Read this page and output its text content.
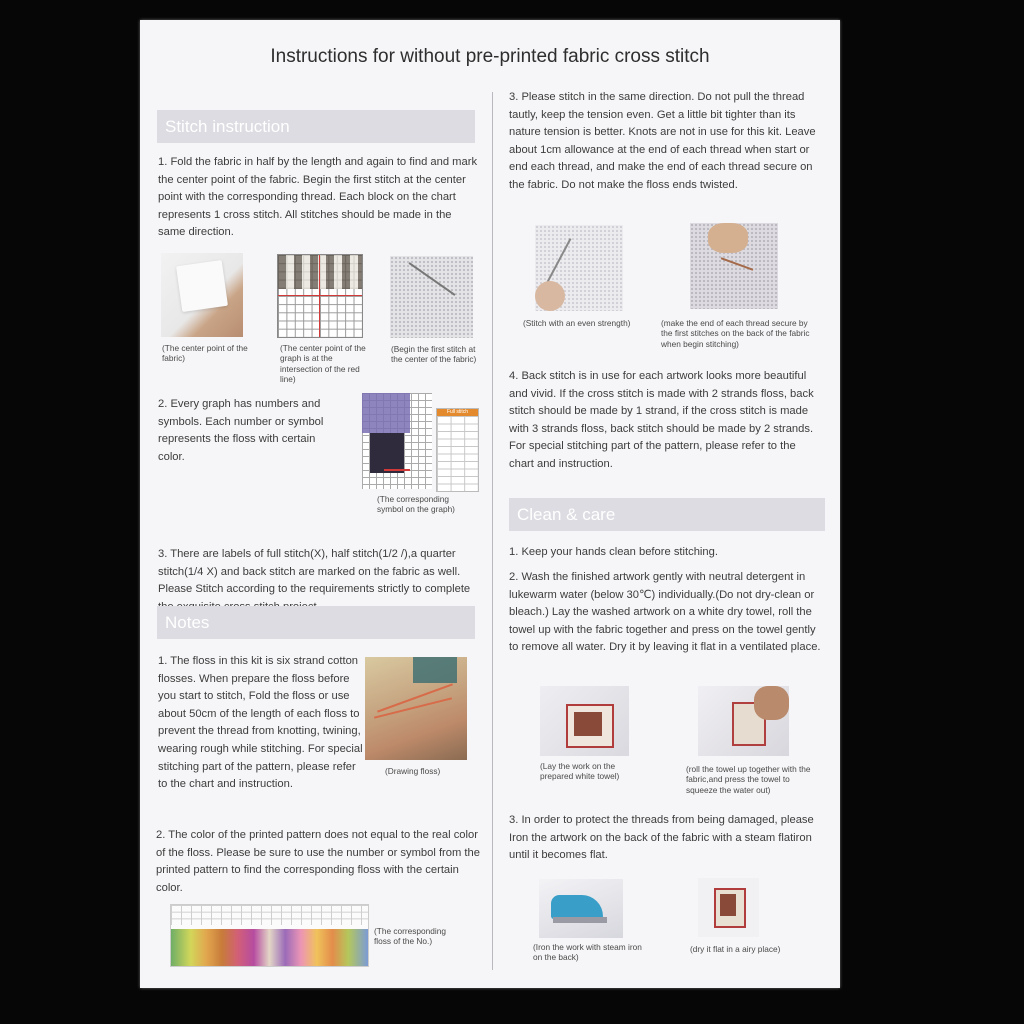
Instructions for without pre-printed fabric cross stitch
Stitch instruction
1. Fold the fabric in half by the length and again to find and mark the center point of the fabric. Begin the first stitch at the center point with the corresponding thread. Each block on the chart represents 1 cross stitch. All stitches should be made in the same direction.
(The center point of the fabric)
(The center point of the graph is at the intersection of the red line)
(Begin the first stitch at the center of the fabric)
2. Every graph has numbers and symbols. Each number or symbol represents the floss with certain color.
Full stitch
(The corresponding symbol on the graph)
3. There are labels of full stitch(X), half stitch(1/2 /),a quarter stitch(1/4 X) and back stitch are marked on the fabric as well. Please Stitch according to the requirements strictly to complete
Notes
1. The floss in this kit is six strand cotton flosses. When prepare the floss before you start to stitch, Fold the floss or use about 50cm of the length of each floss to prevent the thread from knotting, twining, wearing rough while stitching. For special stitching part of the pattern, please refer to the chart and instruction.
(Drawing floss)
2. The color of the printed pattern does not equal to the real color of the floss. Please be sure to use the number or symbol from the printed pattern to find the corresponding floss with the certain color.
(The corresponding floss of the No.)
3. Please stitch in the same direction. Do not pull the thread tautly, keep the tension even. Get a little bit tighter than its nature tension is better. Knots are not in use for this kit. Leave about 1cm allowance at the end of each thread when start or end each thread, and make the end of each thread secure on the fabric. Do not make the floss ends twisted.
(Stitch with an even strength)	(make the end of each thread secure by the first stitches on the back of the fabric when begin stitching)
4. Back stitch is in use for each artwork looks more beautiful and vivid. If the cross stitch is made with 2 strands floss, back stitch should be made by 1 strand, if the cross stitch is made with 3 strands floss, back stitch should be made by 2 strands. For special stitching part of the pattern, please refer to the chart and instruction.
Clean & care
1. Keep your hands clean before stitching.
2. Wash the finished artwork gently with neutral detergent in lukewarm water (below 30℃) individually.(Do not dry-clean or bleach.) Lay the washed artwork on a white dry towel, roll the towel up with the fabric together and press on the towel gently to remove all water. Dry it by leaving it flat in a ventilated place.
(Lay the work on the prepared white towel)
(roll the towel up together with the fabric,and press the towel to squeeze the water out)
3. In order to protect the threads from being damaged, please Iron the artwork on the back of the fabric with a steam flatiron until it becomes flat.
(Iron the work with steam iron on the back)
(dry it flat in a airy place)
